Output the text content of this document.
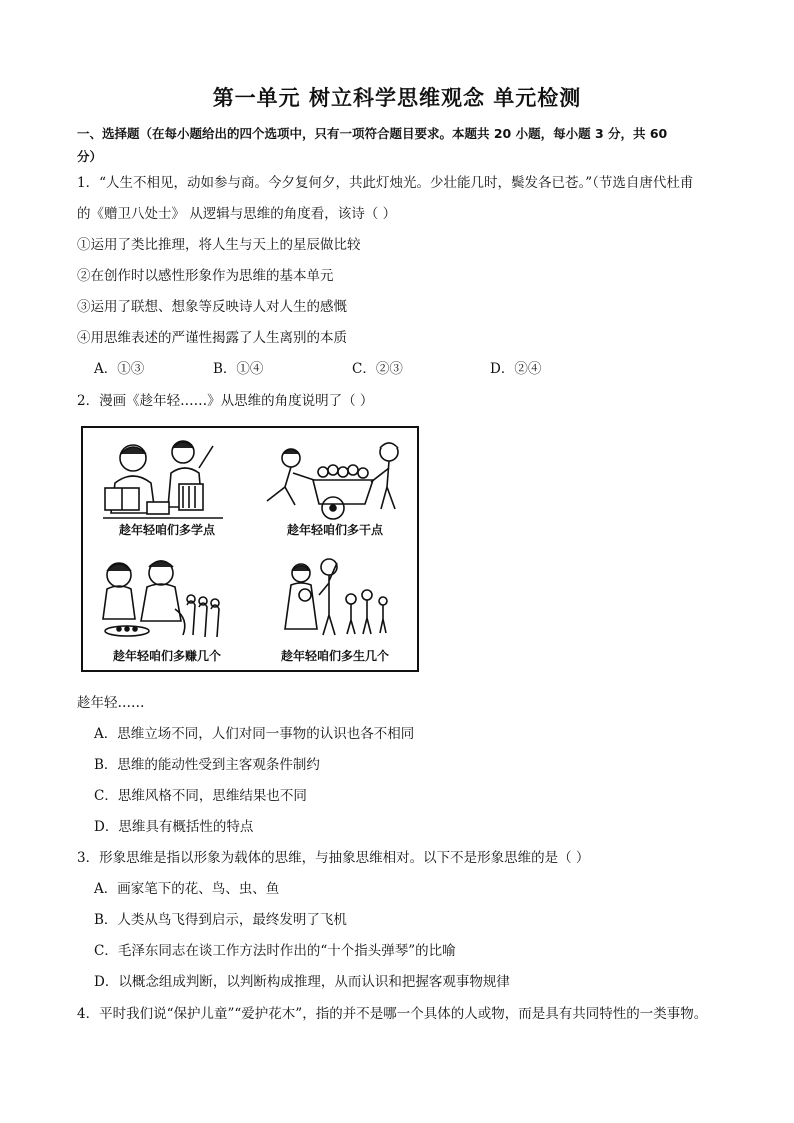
第一单元 树立科学思维观念 单元检测
一、选择题（在每小题给出的四个选项中，只有一项符合题目要求。本题共 20 小题，每小题 3 分，共 60
分）
1．“人生不相见，动如参与商。今夕复何夕，共此灯烛光。少壮能几时，鬓发各已苍。”（节选自唐代杜甫
的《赠卫八处士》 从逻辑与思维的角度看，该诗（ ）
①运用了类比推理，将人生与天上的星辰做比较
②在创作时以感性形象作为思维的基本单元
③运用了联想、想象等反映诗人对人生的感慨
④用思维表述的严谨性揭露了人生离别的本质
A．①③	B．①④	C．②③	D．②④
2．漫画《趁年轻……》从思维的角度说明了（ ）
趁年轻咱们多学点	趁年轻咱们多干点
趁年轻咱们多赚几个	趁年轻咱们多生几个
趁年轻……
A．思维立场不同，人们对同一事物的认识也各不相同
B．思维的能动性受到主客观条件制约
C．思维风格不同，思维结果也不同
D．思维具有概括性的特点
3．形象思维是指以形象为载体的思维，与抽象思维相对。以下不是形象思维的是（ ）
A．画家笔下的花、鸟、虫、鱼
B．人类从鸟飞得到启示，最终发明了飞机
C．毛泽东同志在谈工作方法时作出的“十个指头弹琴”的比喻
D．以概念组成判断，以判断构成推理，从而认识和把握客观事物规律
4．平时我们说“保护儿童”“爱护花木”，指的并不是哪一个具体的人或物，而是具有共同特性的一类事物。
